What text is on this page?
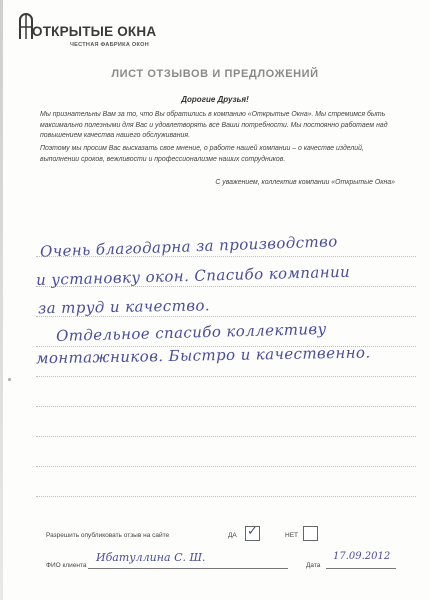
ОТКРЫТЫЕ ОКНА
ЧЕСТНАЯ ФАБРИКА ОКОН
ЛИСТ ОТЗЫВОВ И ПРЕДЛОЖЕНИЙ
Дорогие Друзья!
Мы признательны Вам за то, что Вы обратились в компанию «Открытые Окна». Мы стремимся быть максимально полезными для Вас и удовлетворять все Ваши потребности. Мы постоянно работаем над повышением качества нашего обслуживания.
Поэтому мы просим Вас высказать свое мнение, о работе нашей компании – о качестве изделий, выполнении сроков, вежливости и профессионализме наших сотрудников.
С уважением, коллектив компании «Открытые Окна»
Очень благодарна за производство
и установку окон. Спасибо компании
за труд и качество.
Отдельное спасибо коллективу
монтажников. Быстро и качественно.
Разрешить опубликовать отзыв на сайте	ДА ✓	НЕТ
ФИО клиента
Ибатуллина С. Ш.
Дата
17.09.2012
